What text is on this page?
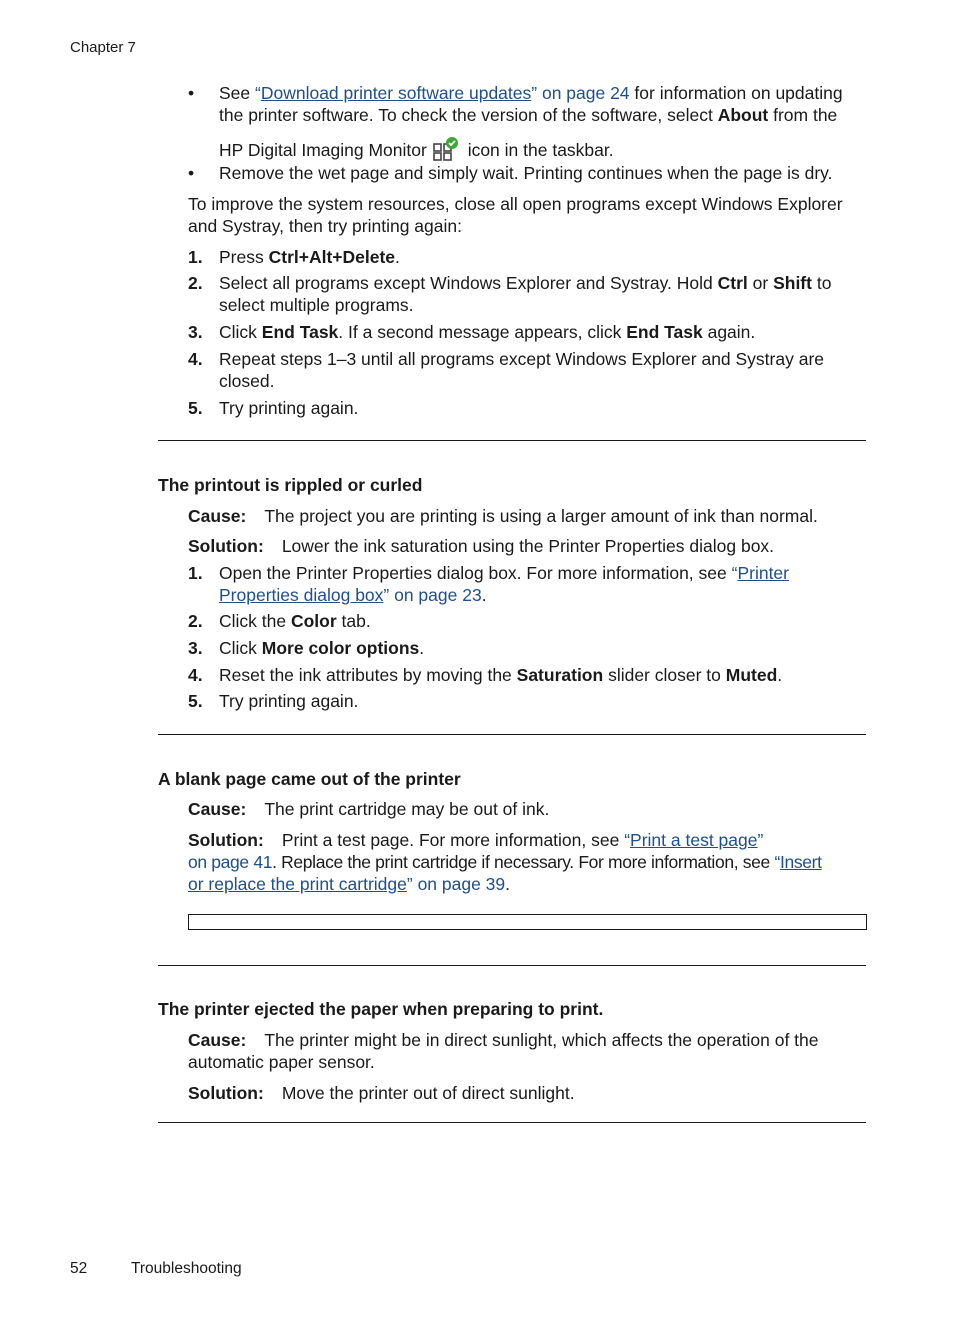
Chapter 7
• See “Download printer software updates” on page 24 for information on updating
the printer software. To check the version of the software, select About from the
HP Digital Imaging Monitor icon in the taskbar.
• Remove the wet page and simply wait. Printing continues when the page is dry.
To improve the system resources, close all open programs except Windows Explorer
and Systray, then try printing again:
1. Press Ctrl+Alt+Delete.
2. Select all programs except Windows Explorer and Systray. Hold Ctrl or Shift to
select multiple programs.
3. Click End Task. If a second message appears, click End Task again.
4. Repeat steps 1–3 until all programs except Windows Explorer and Systray are
closed.
5. Try printing again.
The printout is rippled or curled
Cause: The project you are printing is using a larger amount of ink than normal.
Solution: Lower the ink saturation using the Printer Properties dialog box.
1. Open the Printer Properties dialog box. For more information, see “Printer
Properties dialog box” on page 23.
2. Click the Color tab.
3. Click More color options.
4. Reset the ink attributes by moving the Saturation slider closer to Muted.
5. Try printing again.
A blank page came out of the printer
Cause: The print cartridge may be out of ink.
Solution: Print a test page. For more information, see “Print a test page”
on page 41. Replace the print cartridge if necessary. For more information, see “Insert
or replace the print cartridge” on page 39.
The printer ejected the paper when preparing to print.
Cause: The printer might be in direct sunlight, which affects the operation of the
automatic paper sensor.
Solution: Move the printer out of direct sunlight.
52	Troubleshooting
